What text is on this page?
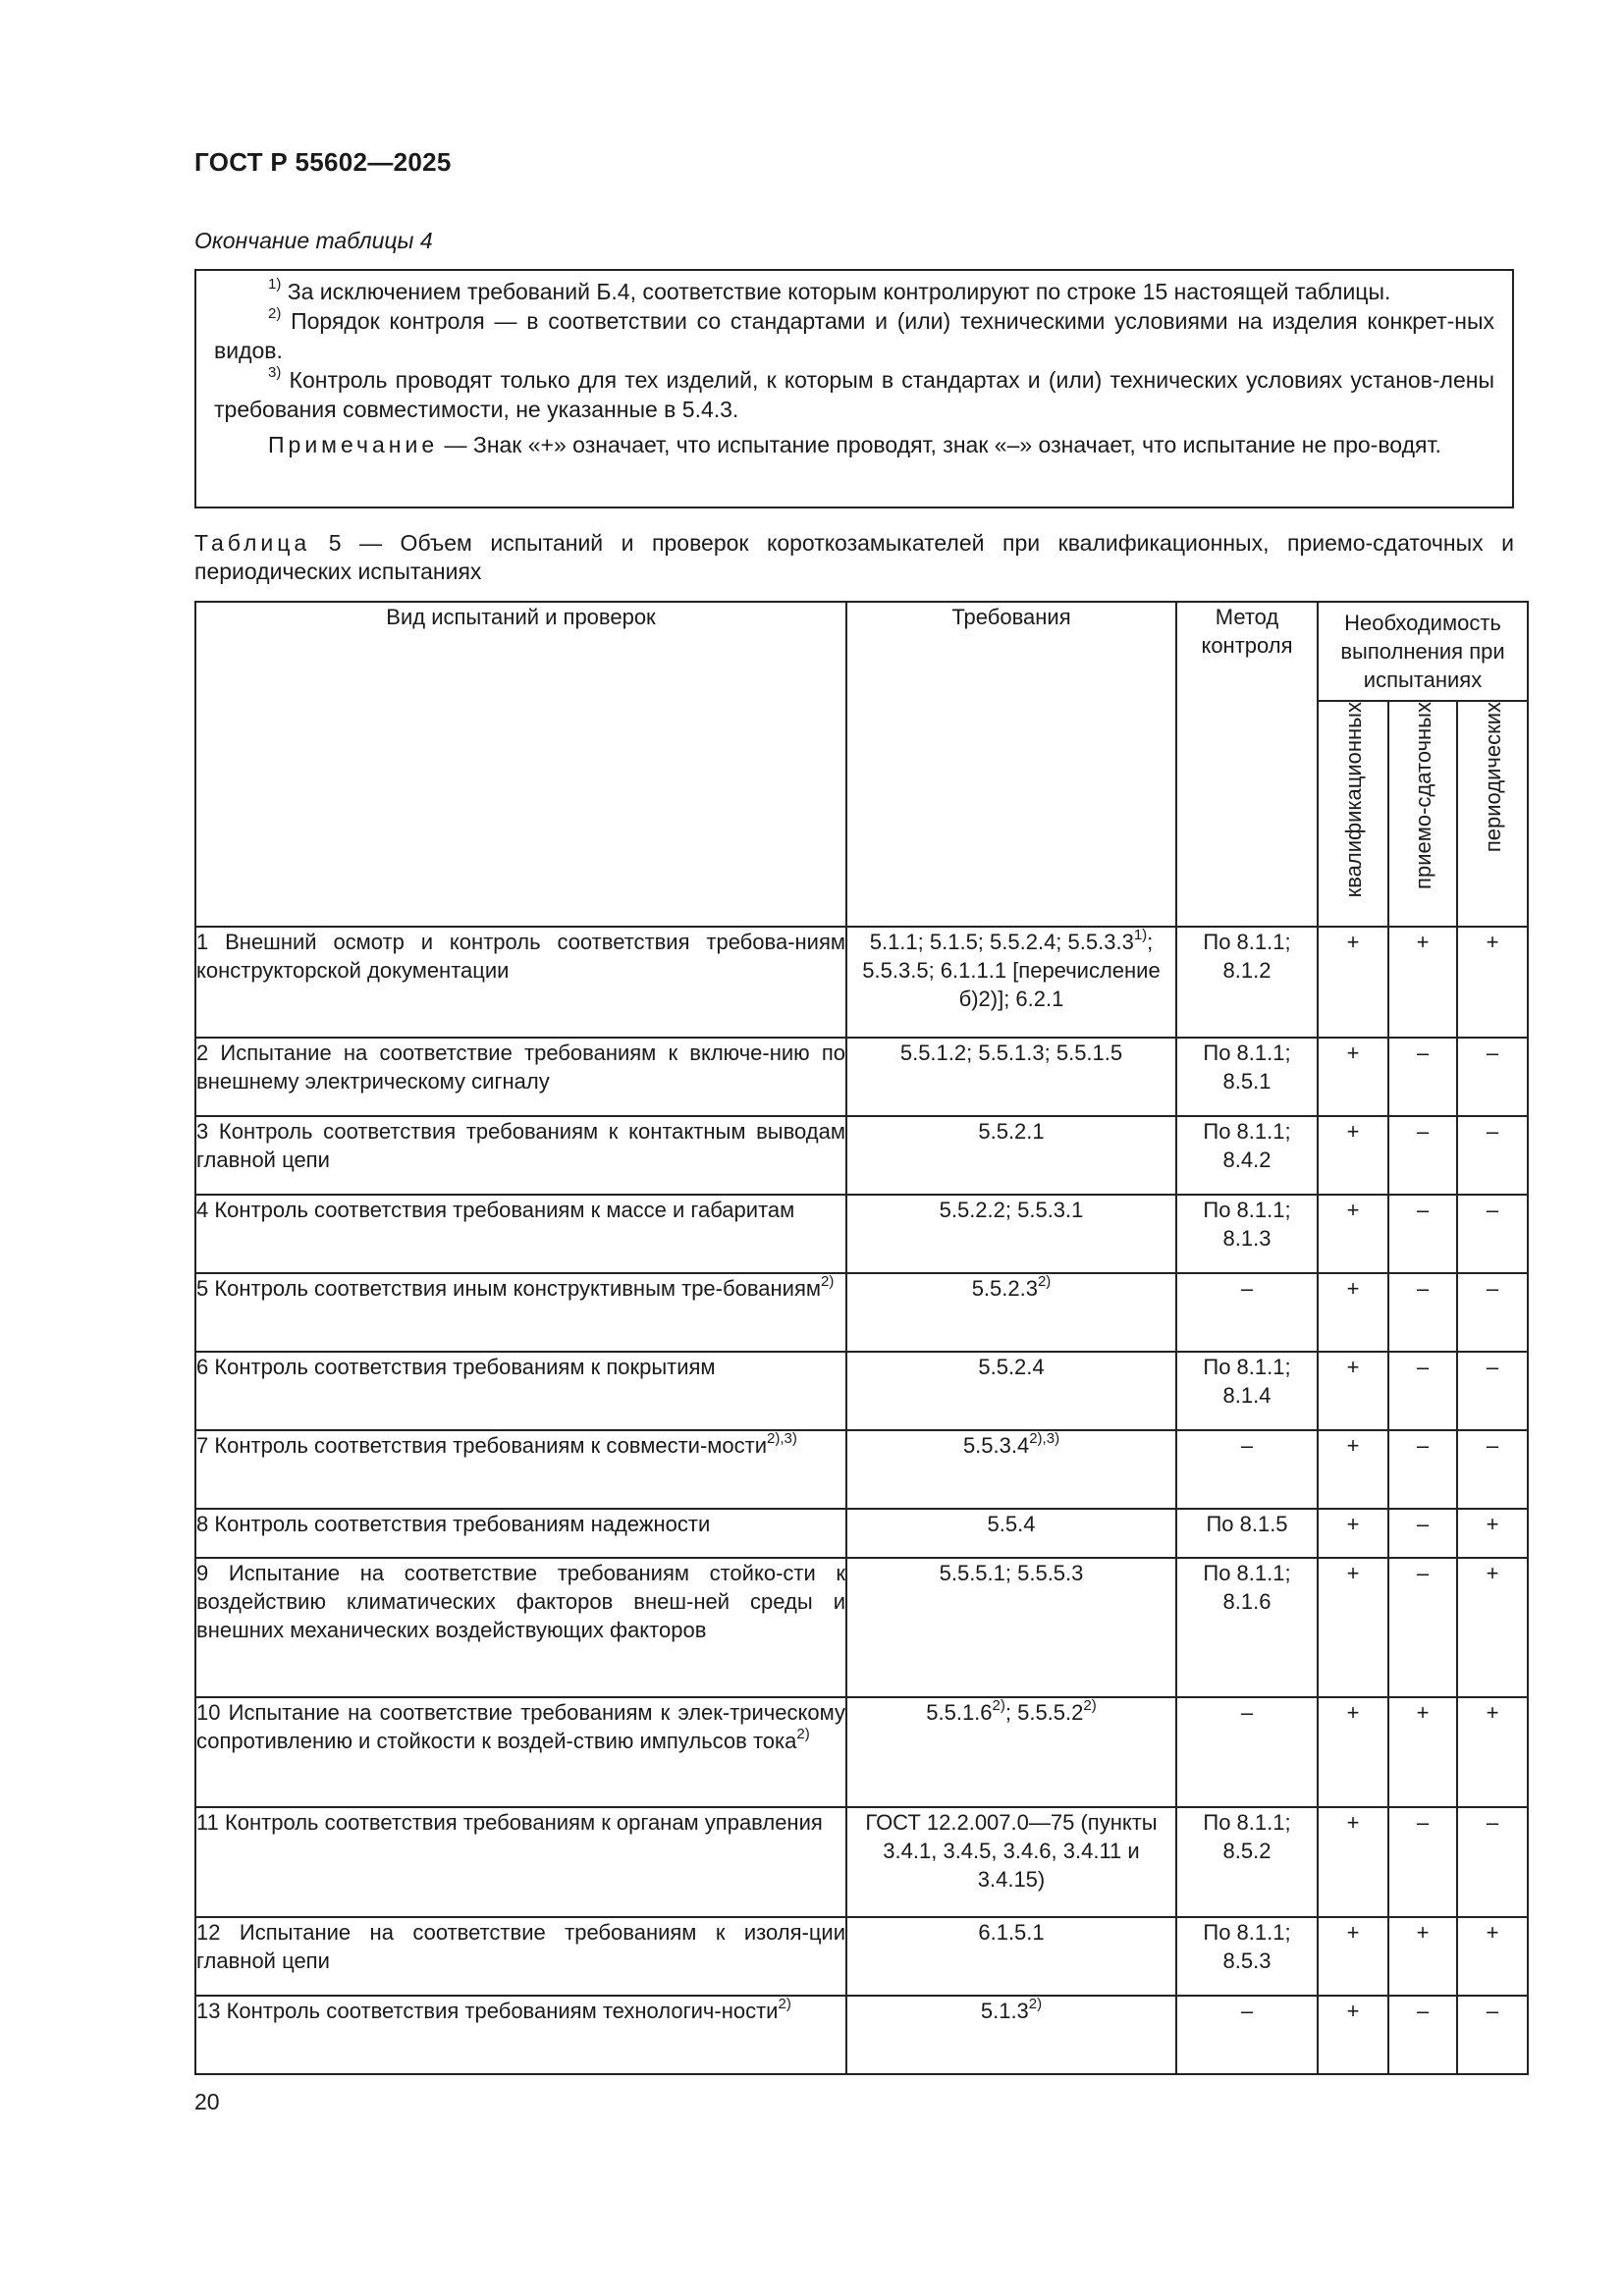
ГОСТ Р 55602—2025
Окончание таблицы 4

$^{1)}$ За исключением требований Б.4, соответствие которым контролируют по строке 15 настоящей таблицы.

$^{2)}$ Порядок контроля — в соответствии со стандартами и (или) техническими условиями на изделия конкрет-ных видов.

$^{3)}$ Контроль проводят только для тех изделий, к которым в стандартах и (или) технических условиях установ-лены требования совместимости, не указанные в 5.4.3.

Примечание — Знак «+» означает, что испытание проводят, знак «–» означает, что испытание не про-водят.

Таблица 5 — Объем испытаний и проверок короткозамыкателей при квалификационных, приемо-сдаточных и периодических испытаниях
Вид испытаний и проверок	Требования	Метод контроля	Необходимость выполнения при испытаниях		

			квалификационных	приемо-сдаточных	периодических

1 Внешний осмотр и контроль соответствия требова-ниям конструкторской документации	5.1.1; 5.1.5; 5.5.2.4; 5.5.3.3$^{1)}$; 5.5.3.5; 6.1.1.1 [перечисление б)2)]; 6.2.1	По 8.1.1; 8.1.2	+	+	+
2 Испытание на соответствие требованиям к включе-нию по внешнему электрическому сигналу	5.5.1.2; 5.5.1.3; 5.5.1.5	По 8.1.1; 8.5.1	+	–	–
3 Контроль соответствия требованиям к контактным выводам главной цепи	5.5.2.1	По 8.1.1; 8.4.2	+	–	–
4 Контроль соответствия требованиям к массе и габаритам	5.5.2.2; 5.5.3.1	По 8.1.1; 8.1.3	+	–	–
5 Контроль соответствия иным конструктивным тре-бованиям$^{2)}$	5.5.2.3$^{2)}$	–	+	–	–
6 Контроль соответствия требованиям к покрытиям	5.5.2.4	По 8.1.1; 8.1.4	+	–	–
7 Контроль соответствия требованиям к совмести-мости$^{2),3)}$	$5.5.3.4^{2),3)}$	–	+	–	–
8 Контроль соответствия требованиям надежности	5.5.4	По 8.1.5	+	–	+
9 Испытание на соответствие требованиям стойко-сти к воздействию климатических факторов внеш-ней среды и внешних механических воздействующих факторов	5.5.5.1; 5.5.5.3	По 8.1.1; 8.1.6	+	–	+
10 Испытание на соответствие требованиям к элек-трическому сопротивлению и стойкости к воздей-ствию импульсов тока$^{2)}$	5.5.1.6$^{2)}$; 5.5.5.2$^{2)}$	–	+	+	+
11 Контроль соответствия требованиям к органам управления	ГОСТ 12.2.007.0—75 (пункты 3.4.1, 3.4.5, 3.4.6, 3.4.11 и 3.4.15)	По 8.1.1; 8.5.2	+	–	–
12 Испытание на соответствие требованиям к изоля-ции главной цепи	6.1.5.1	По 8.1.1; 8.5.3	+	+	+
13 Контроль соответствия требованиям технологич-ности$^{2)}$	5.1.3$^{2)}$	–	+	–	–
20
